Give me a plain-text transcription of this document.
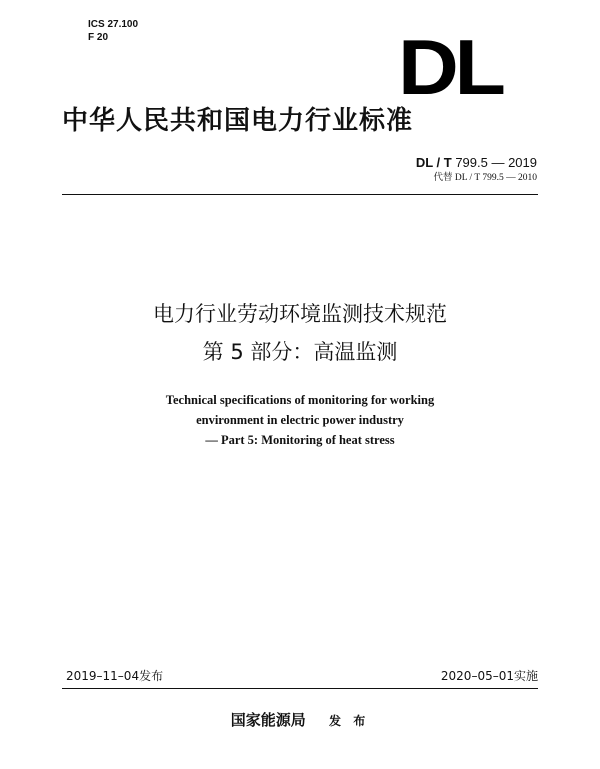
ICS 27.100
F 20	DL
中华人民共和国电力行业标准
DL / T 799.5 — 2019
代替 DL / T 799.5 — 2010
电力行业劳动环境监测技术规范
第 5 部分：高温监测
Technical specifications of monitoring for working
environment in electric power industry
— Part 5: Monitoring of heat stress
2019–11–04发布	2020–05–01实施
国家能源局 发 布
